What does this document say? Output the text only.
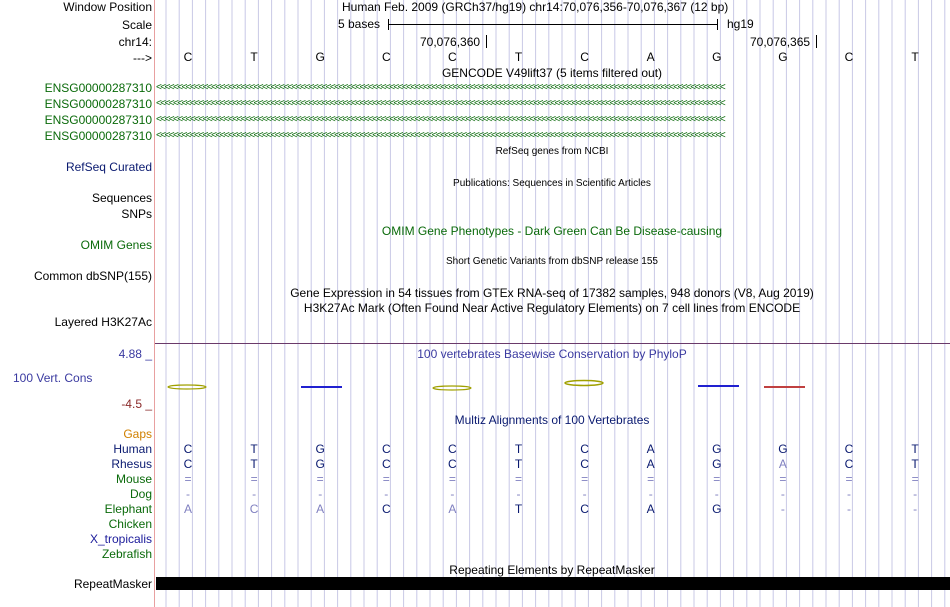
Window Position	Human Feb. 2009 (GRCh37/hg19) chr14:70,076,356-70,076,367 (12 bp)
Scale	5 bases	hg19
chr14:	70,076,360	70,076,365
--->	C	T	G	C	C	T	C	A	G	G	C	T
GENCODE V49lift37 (5 items filtered out)
ENSG00000287310
ENSG00000287310
ENSG00000287310
ENSG00000287310
<<<<<<<<<<<<<<<<<<<<<<<<<<<<<<<<<<<<<<<<<<<<<<<<<<<<<<<<<<<<<<<<<<<<<<<<<<<<<<<<<<<<<<<<<<<<<<<<<<<<<<<<<<<<<<<<<<<<<<<<<<<<<<<<<<<<<<
<<<<<<<<<<<<<<<<<<<<<<<<<<<<<<<<<<<<<<<<<<<<<<<<<<<<<<<<<<<<<<<<<<<<<<<<<<<<<<<<<<<<<<<<<<<<<<<<<<<<<<<<<<<<<<<<<<<<<<<<<<<<<<<<<<<<<<
<<<<<<<<<<<<<<<<<<<<<<<<<<<<<<<<<<<<<<<<<<<<<<<<<<<<<<<<<<<<<<<<<<<<<<<<<<<<<<<<<<<<<<<<<<<<<<<<<<<<<<<<<<<<<<<<<<<<<<<<<<<<<<<<<<<<<<
<<<<<<<<<<<<<<<<<<<<<<<<<<<<<<<<<<<<<<<<<<<<<<<<<<<<<<<<<<<<<<<<<<<<<<<<<<<<<<<<<<<<<<<<<<<<<<<<<<<<<<<<<<<<<<<<<<<<<<<<<<<<<<<<<<<<<<
RefSeq genes from NCBI
RefSeq Curated
Publications: Sequences in Scientific Articles
Sequences
SNPs
OMIM Gene Phenotypes - Dark Green Can Be Disease-causing
OMIM Genes
Short Genetic Variants from dbSNP release 155
Common dbSNP(155)
Gene Expression in 54 tissues from GTEx RNA-seq of 17382 samples, 948 donors (V8, Aug 2019)
H3K27Ac Mark (Often Found Near Active Regulatory Elements) on 7 cell lines from ENCODE
Layered H3K27Ac
4.88 _	100 vertebrates Basewise Conservation by PhyloP
100 Vert. Cons
-4.5 _
Multiz Alignments of 100 Vertebrates
Gaps
Human	C	T	G	C	C	T	C	A	G	G	C	T
Rhesus	C	T	G	C	C	T	C	A	G	A	C	T
Mouse	=	=	=	=	=	=	=	=	=	=	=	=
Dog	-	-	-	-	-	-	-	-	-	-	-	-
Elephant	A	C	A	C	A	T	C	A	G	-	-	-
Chicken
X_tropicalis
Zebrafish
Repeating Elements by RepeatMasker
RepeatMasker
